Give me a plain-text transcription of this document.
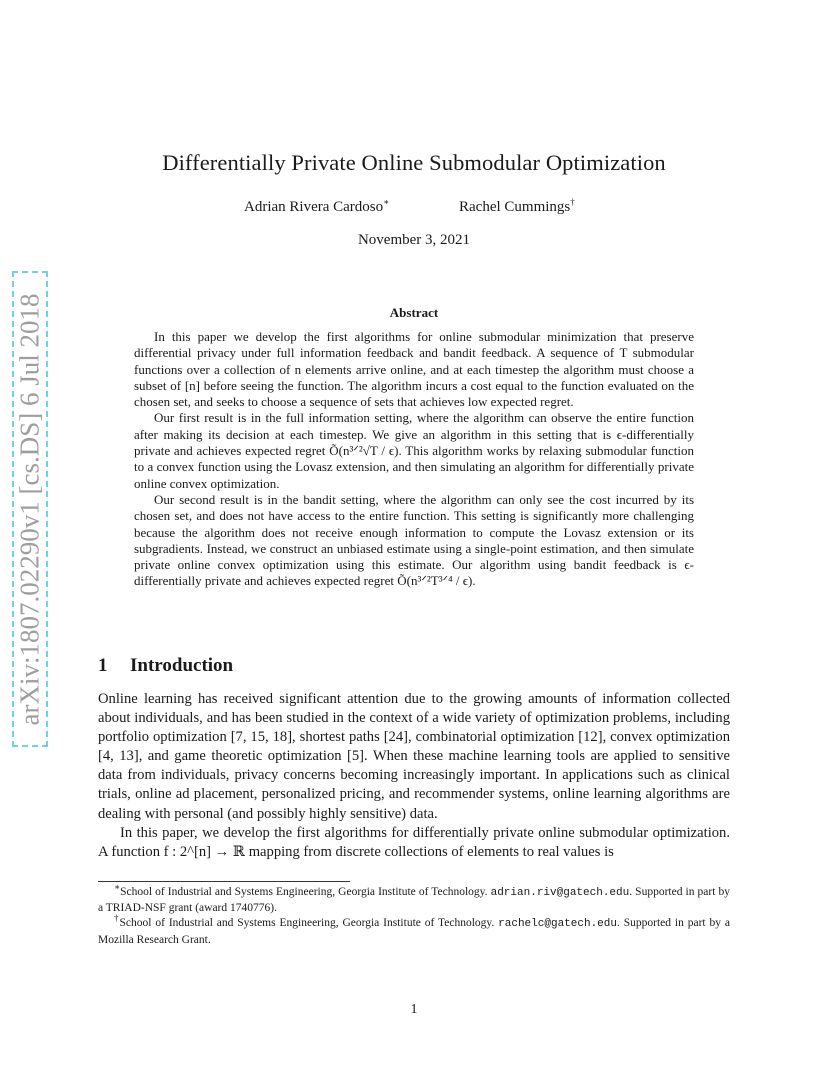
arXiv:1807.02290v1 [cs.DS] 6 Jul 2018
Differentially Private Online Submodular Optimization
Adrian Rivera Cardoso∗	Rachel Cummings†
November 3, 2021
Abstract

In this paper we develop the first algorithms for online submodular minimization that preserve differential privacy under full information feedback and bandit feedback. A sequence of T submodular functions over a collection of n elements arrive online, and at each timestep the algorithm must choose a subset of [n] before seeing the function. The algorithm incurs a cost equal to the function evaluated on the chosen set, and seeks to choose a sequence of sets that achieves low expected regret.

Our first result is in the full information setting, where the algorithm can observe the entire function after making its decision at each timestep. We give an algorithm in this setting that is ϵ-differentially private and achieves expected regret Õ(n³ᐟ²√T / ϵ). This algorithm works by relaxing submodular function to a convex function using the Lovasz extension, and then simulating an algorithm for differentially private online convex optimization.

Our second result is in the bandit setting, where the algorithm can only see the cost incurred by its chosen set, and does not have access to the entire function. This setting is significantly more challenging because the algorithm does not receive enough information to compute the Lovasz extension or its subgradients. Instead, we construct an unbiased estimate using a single-point estimation, and then simulate private online convex optimization using this estimate. Our algorithm using bandit feedback is ϵ-differentially private and achieves expected regret Õ(n³ᐟ²T³ᐟ⁴ / ϵ).

1 Introduction

Online learning has received significant attention due to the growing amounts of information collected about individuals, and has been studied in the context of a wide variety of optimization problems, including portfolio optimization [7, 15, 18], shortest paths [24], combinatorial optimization [12], convex optimization [4, 13], and game theoretic optimization [5]. When these machine learning tools are applied to sensitive data from individuals, privacy concerns becoming increasingly important. In applications such as clinical trials, online ad placement, personalized pricing, and recommender systems, online learning algorithms are dealing with personal (and possibly highly sensitive) data.

In this paper, we develop the first algorithms for differentially private online submodular optimization. A function f : 2^[n] → ℝ mapping from discrete collections of elements to real values is

∗School of Industrial and Systems Engineering, Georgia Institute of Technology. adrian.riv@gatech.edu. Supported in part by a TRIAD-NSF grant (award 1740776).

†School of Industrial and Systems Engineering, Georgia Institute of Technology. rachelc@gatech.edu. Supported in part by a Mozilla Research Grant.

1
